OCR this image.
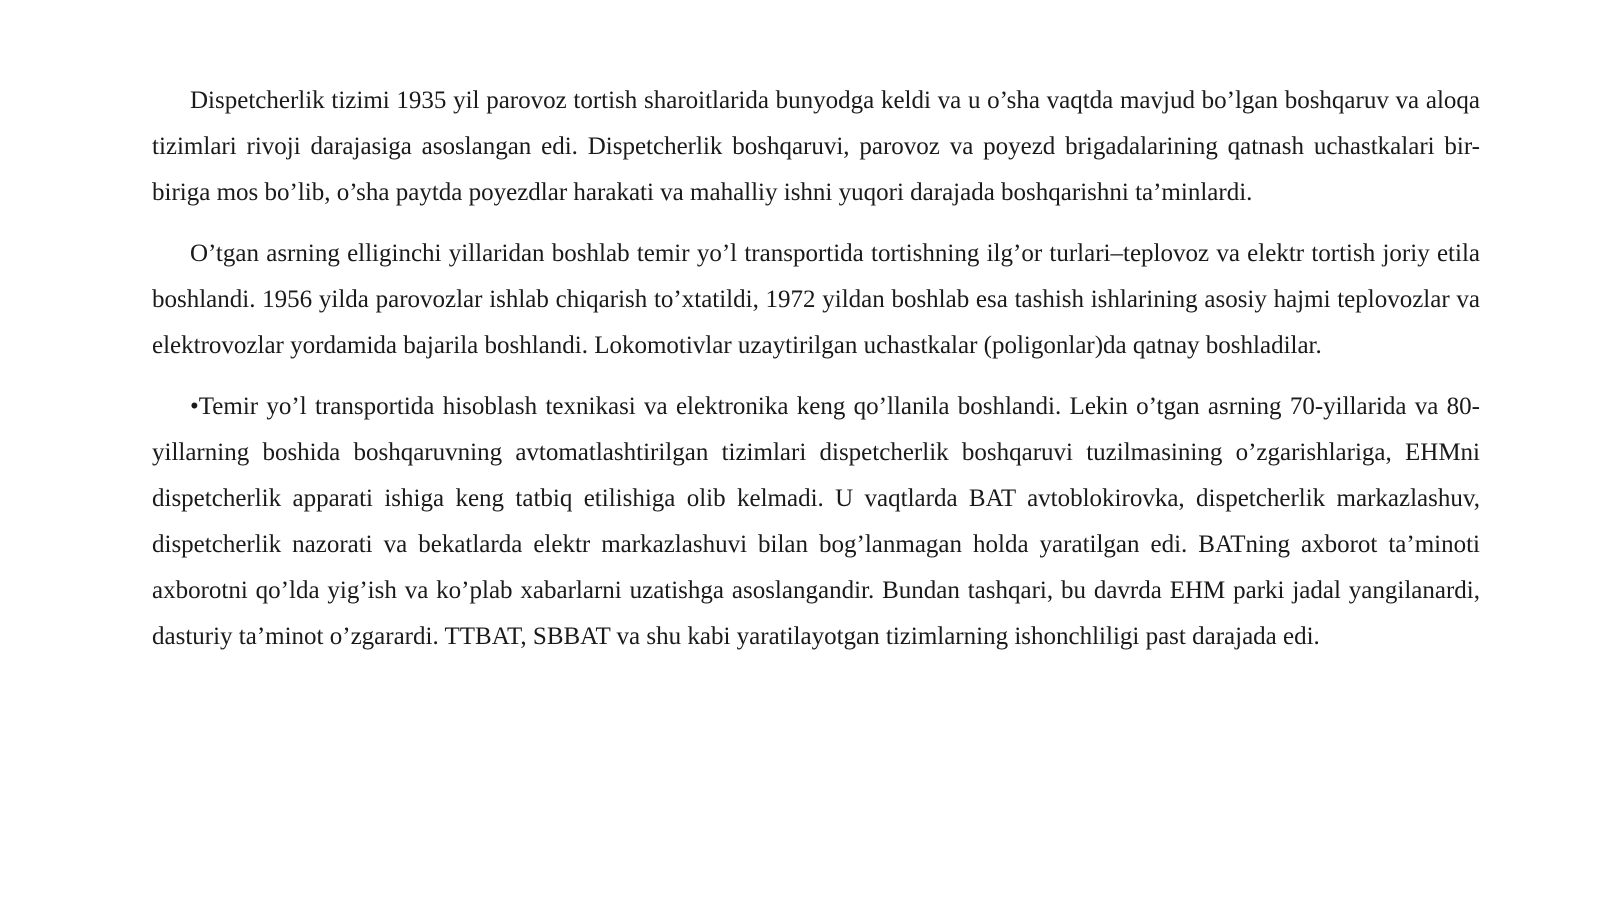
Dispetcherlik tizimi 1935 yil parovoz tortish sharoitlarida bunyodga keldi va u o’sha vaqtda mavjud bo’lgan boshqaruv va aloqa tizimlari rivoji darajasiga asoslangan edi. Dispetcherlik boshqaruvi, parovoz va poyezd brigadalarining qatnash uchastkalari bir-biriga mos bo’lib, o’sha paytda poyezdlar harakati va mahalliy ishni yuqori darajada boshqarishni ta’minlardi.

O’tgan asrning elliginchi yillaridan boshlab temir yo’l transportida tortishning ilg’or turlari–teplovoz va elektr tortish joriy etila boshlandi. 1956 yilda parovozlar ishlab chiqarish to’xtatildi, 1972 yildan boshlab esa tashish ishlarining asosiy hajmi teplovozlar va elektrovozlar yordamida bajarila boshlandi. Lokomotivlar uzaytirilgan uchastkalar (poligonlar)da qatnay boshladilar.

•Temir yo’l transportida hisoblash texnikasi va elektronika keng qo’llanila boshlandi. Lekin o’tgan asrning 70-yillarida va 80-yillarning boshida boshqaruvning avtomatlashtirilgan tizimlari dispetcherlik boshqaruvi tuzilmasining o’zgarishlariga, EHMni dispetcherlik apparati ishiga keng tatbiq etilishiga olib kelmadi. U vaqtlarda BAT avtoblokirovka, dispetcherlik markazlashuv, dispetcherlik nazorati va bekatlarda elektr markazlashuvi bilan bog’lanmagan holda yaratilgan edi. BATning axborot ta’minoti axborotni qo’lda yig’ish va ko’plab xabarlarni uzatishga asoslangandir. Bundan tashqari, bu davrda EHM parki jadal yangilanardi, dasturiy ta’minot o’zgarardi. TTBAT, SBBAT va shu kabi yaratilayotgan tizimlarning ishonchliligi past darajada edi.
